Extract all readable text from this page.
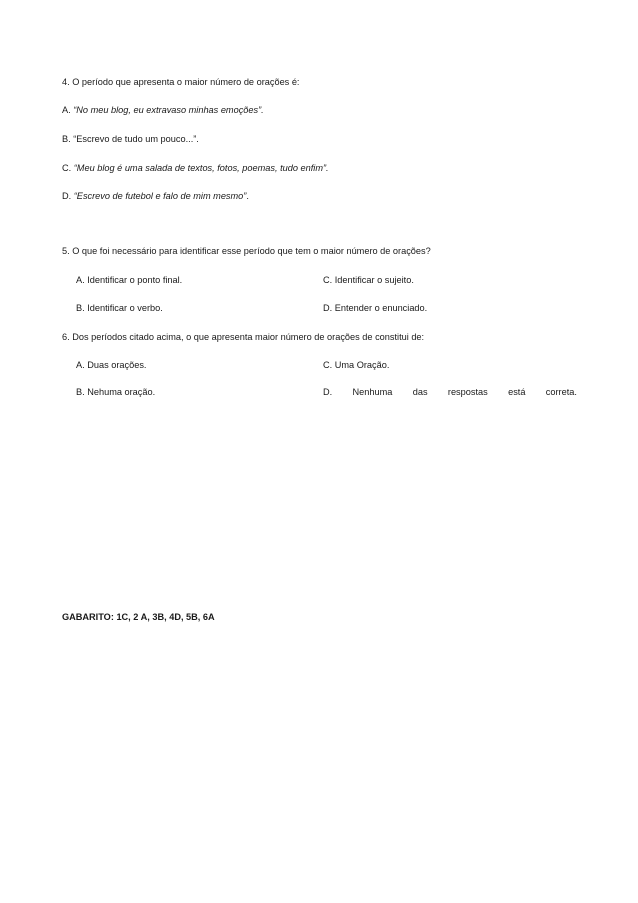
4. O período que apresenta o maior número de orações é:
A. “No meu blog, eu extravaso minhas emoções”.
B. “Escrevo de tudo um pouco...”.
C. “Meu blog é uma salada de textos, fotos, poemas, tudo enfim”.
D. “Escrevo de futebol e falo de mim mesmo”.
5. O que foi necessário para identificar esse período que tem o maior número de orações?
A. Identificar o ponto final.	C. Identificar o sujeito.
B. Identificar o verbo.	D. Entender o enunciado.
6. Dos períodos citado acima, o que apresenta maior número de orações de constitui de:
A. Duas orações.	C. Uma Oração.
B. Nehuma oração.	D. Nenhuma das respostas está correta.
GABARITO: 1C, 2 A, 3B, 4D, 5B, 6A
